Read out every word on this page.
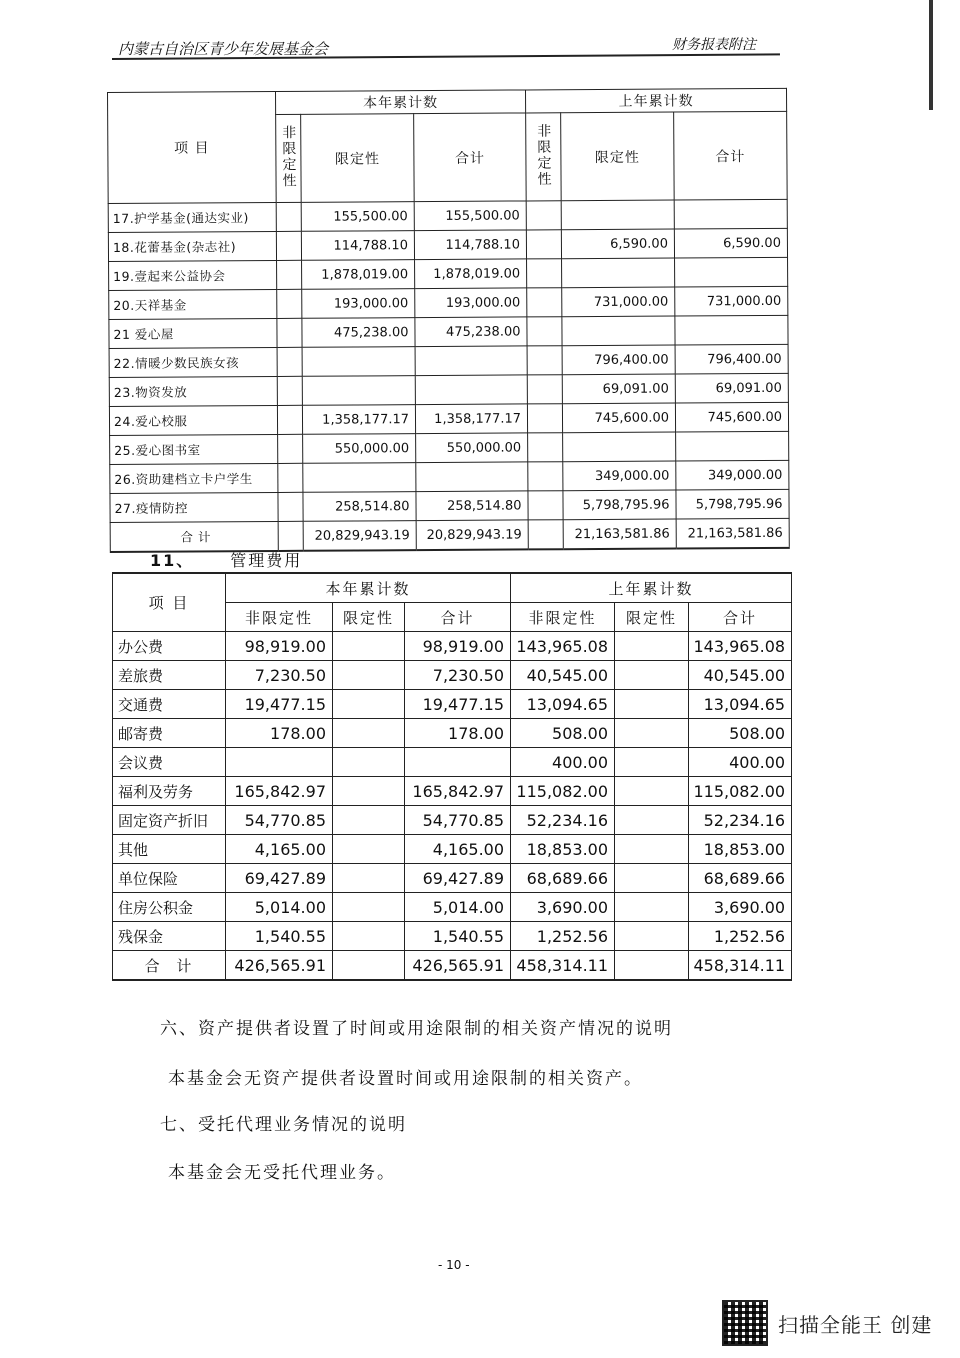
内蒙古自治区青少年发展基金会	财务报表附注
项 目	本年累计数			上年累计数		
	非限定性	限定性	合计	非限定性	限定性	合计
17.护学基金(通达实业)		155,500.00	155,500.00			
18.花蕾基金(杂志社)		114,788.10	114,788.10		6,590.00	6,590.00
19.壹起来公益协会		1,878,019.00	1,878,019.00			
20.天祥基金		193,000.00	193,000.00		731,000.00	731,000.00
21 爱心屋		475,238.00	475,238.00			
22.情暖少数民族女孩					796,400.00	796,400.00
23.物资发放					69,091.00	69,091.00
24.爱心校服		1,358,177.17	1,358,177.17		745,600.00	745,600.00
25.爱心图书室		550,000.00	550,000.00			
26.资助建档立卡户学生					349,000.00	349,000.00
27.疫情防控		258,514.80	258,514.80		5,798,795.96	5,798,795.96
合 计		20,829,943.19	20,829,943.19		21,163,581.86	21,163,581.86
11、 管理费用
项 目	本年累计数			上年累计数		
	非限定性	限定性	合计	非限定性	限定性	合计
办公费	98,919.00		98,919.00	143,965.08		143,965.08
差旅费	7,230.50		7,230.50	40,545.00		40,545.00
交通费	19,477.15		19,477.15	13,094.65		13,094.65
邮寄费	178.00		178.00	508.00		508.00
会议费				400.00		400.00
福利及劳务	165,842.97		165,842.97	115,082.00		115,082.00
固定资产折旧	54,770.85		54,770.85	52,234.16		52,234.16
其他	4,165.00		4,165.00	18,853.00		18,853.00
单位保险	69,427.89		69,427.89	68,689.66		68,689.66
住房公积金	5,014.00		5,014.00	3,690.00		3,690.00
残保金	1,540.55		1,540.55	1,252.56		1,252.56
合 计	426,565.91		426,565.91	458,314.11		458,314.11
六、资产提供者设置了时间或用途限制的相关资产情况的说明
本基金会无资产提供者设置时间或用途限制的相关资产。
七、受托代理业务情况的说明
本基金会无受托代理业务。
- 10 -
扫描全能王 创建
